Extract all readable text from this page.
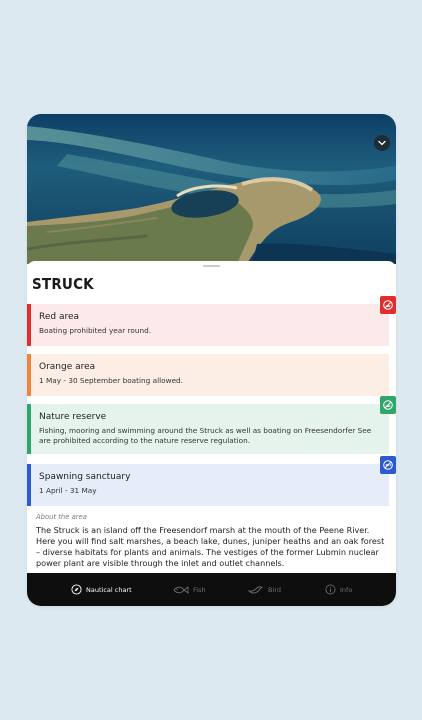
STRUCK
Red area
Boating prohibited year round.
Orange area
1 May - 30 September boating allowed.
Nature reserve
Fishing, mooring and swimming around the Struck as well as boating on Freesendorfer See are prohibited according to the nature reserve regulation.
Spawning sanctuary
1 April - 31 May
About the area
The Struck is an island off the Freesendorf marsh at the mouth of the Peene River. Here you will find salt marshes, a beach lake, dunes, juniper heaths and an oak forest – diverse habitats for plants and animals. The vestiges of the former Lubmin nuclear power plant are visible through the inlet and outlet channels.
Nautical chart	Fish	Bird	Info
